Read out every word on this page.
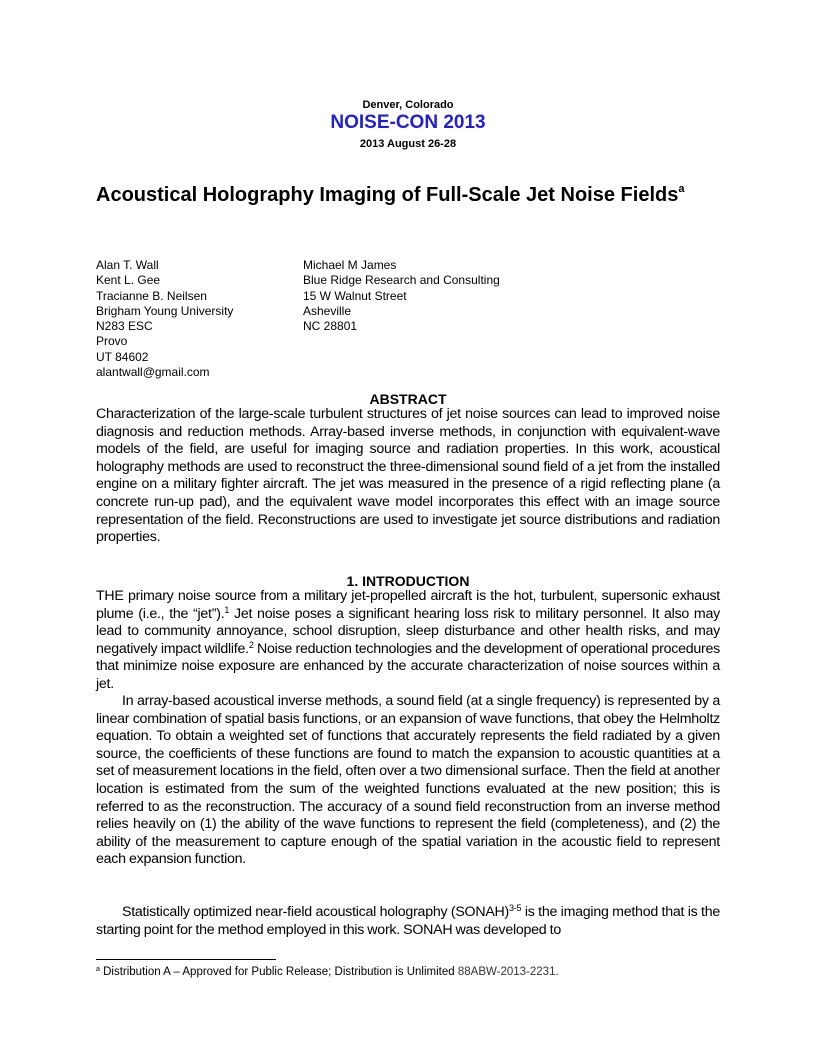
Denver, Colorado
NOISE-CON 2013
2013 August 26-28
Acoustical Holography Imaging of Full-Scale Jet Noise Fields$^a$
Alan T. Wall
Kent L. Gee
Tracianne B. Neilsen
Brigham Young University
N283 ESC
Provo
UT 84602
alantwall@gmail.com
Michael M James
Blue Ridge Research and Consulting
15 W Walnut Street
Asheville
NC 28801
ABSTRACT
Characterization of the large-scale turbulent structures of jet noise sources can lead to improved noise diagnosis and reduction methods. Array-based inverse methods, in conjunction with equivalent-wave models of the field, are useful for imaging source and radiation properties. In this work, acoustical holography methods are used to reconstruct the three-dimensional sound field of a jet from the installed engine on a military fighter aircraft. The jet was measured in the presence of a rigid reflecting plane (a concrete run-up pad), and the equivalent wave model incorporates this effect with an image source representation of the field. Reconstructions are used to investigate jet source distributions and radiation properties.
1. INTRODUCTION
THE primary noise source from a military jet-propelled aircraft is the hot, turbulent, supersonic exhaust plume (i.e., the “jet”).$^1$ Jet noise poses a significant hearing loss risk to military personnel. It also may lead to community annoyance, school disruption, sleep disturbance and other health risks, and may negatively impact wildlife.$^2$ Noise reduction technologies and the development of operational procedures that minimize noise exposure are enhanced by the accurate characterization of noise sources within a jet.
In array-based acoustical inverse methods, a sound field (at a single frequency) is represented by a linear combination of spatial basis functions, or an expansion of wave functions, that obey the Helmholtz equation. To obtain a weighted set of functions that accurately represents the field radiated by a given source, the coefficients of these functions are found to match the expansion to acoustic quantities at a set of measurement locations in the field, often over a two dimensional surface. Then the field at another location is estimated from the sum of the weighted functions evaluated at the new position; this is referred to as the reconstruction. The accuracy of a sound field reconstruction from an inverse method relies heavily on (1) the ability of the wave functions to represent the field (completeness), and (2) the ability of the measurement to capture enough of the spatial variation in the acoustic field to represent each expansion function.
Statistically optimized near-field acoustical holography (SONAH)$^{3-5}$ is the imaging method that is the starting point for the method employed in this work. SONAH was developed to
$^a$ Distribution A – Approved for Public Release; Distribution is Unlimited 88ABW-2013-2231.
